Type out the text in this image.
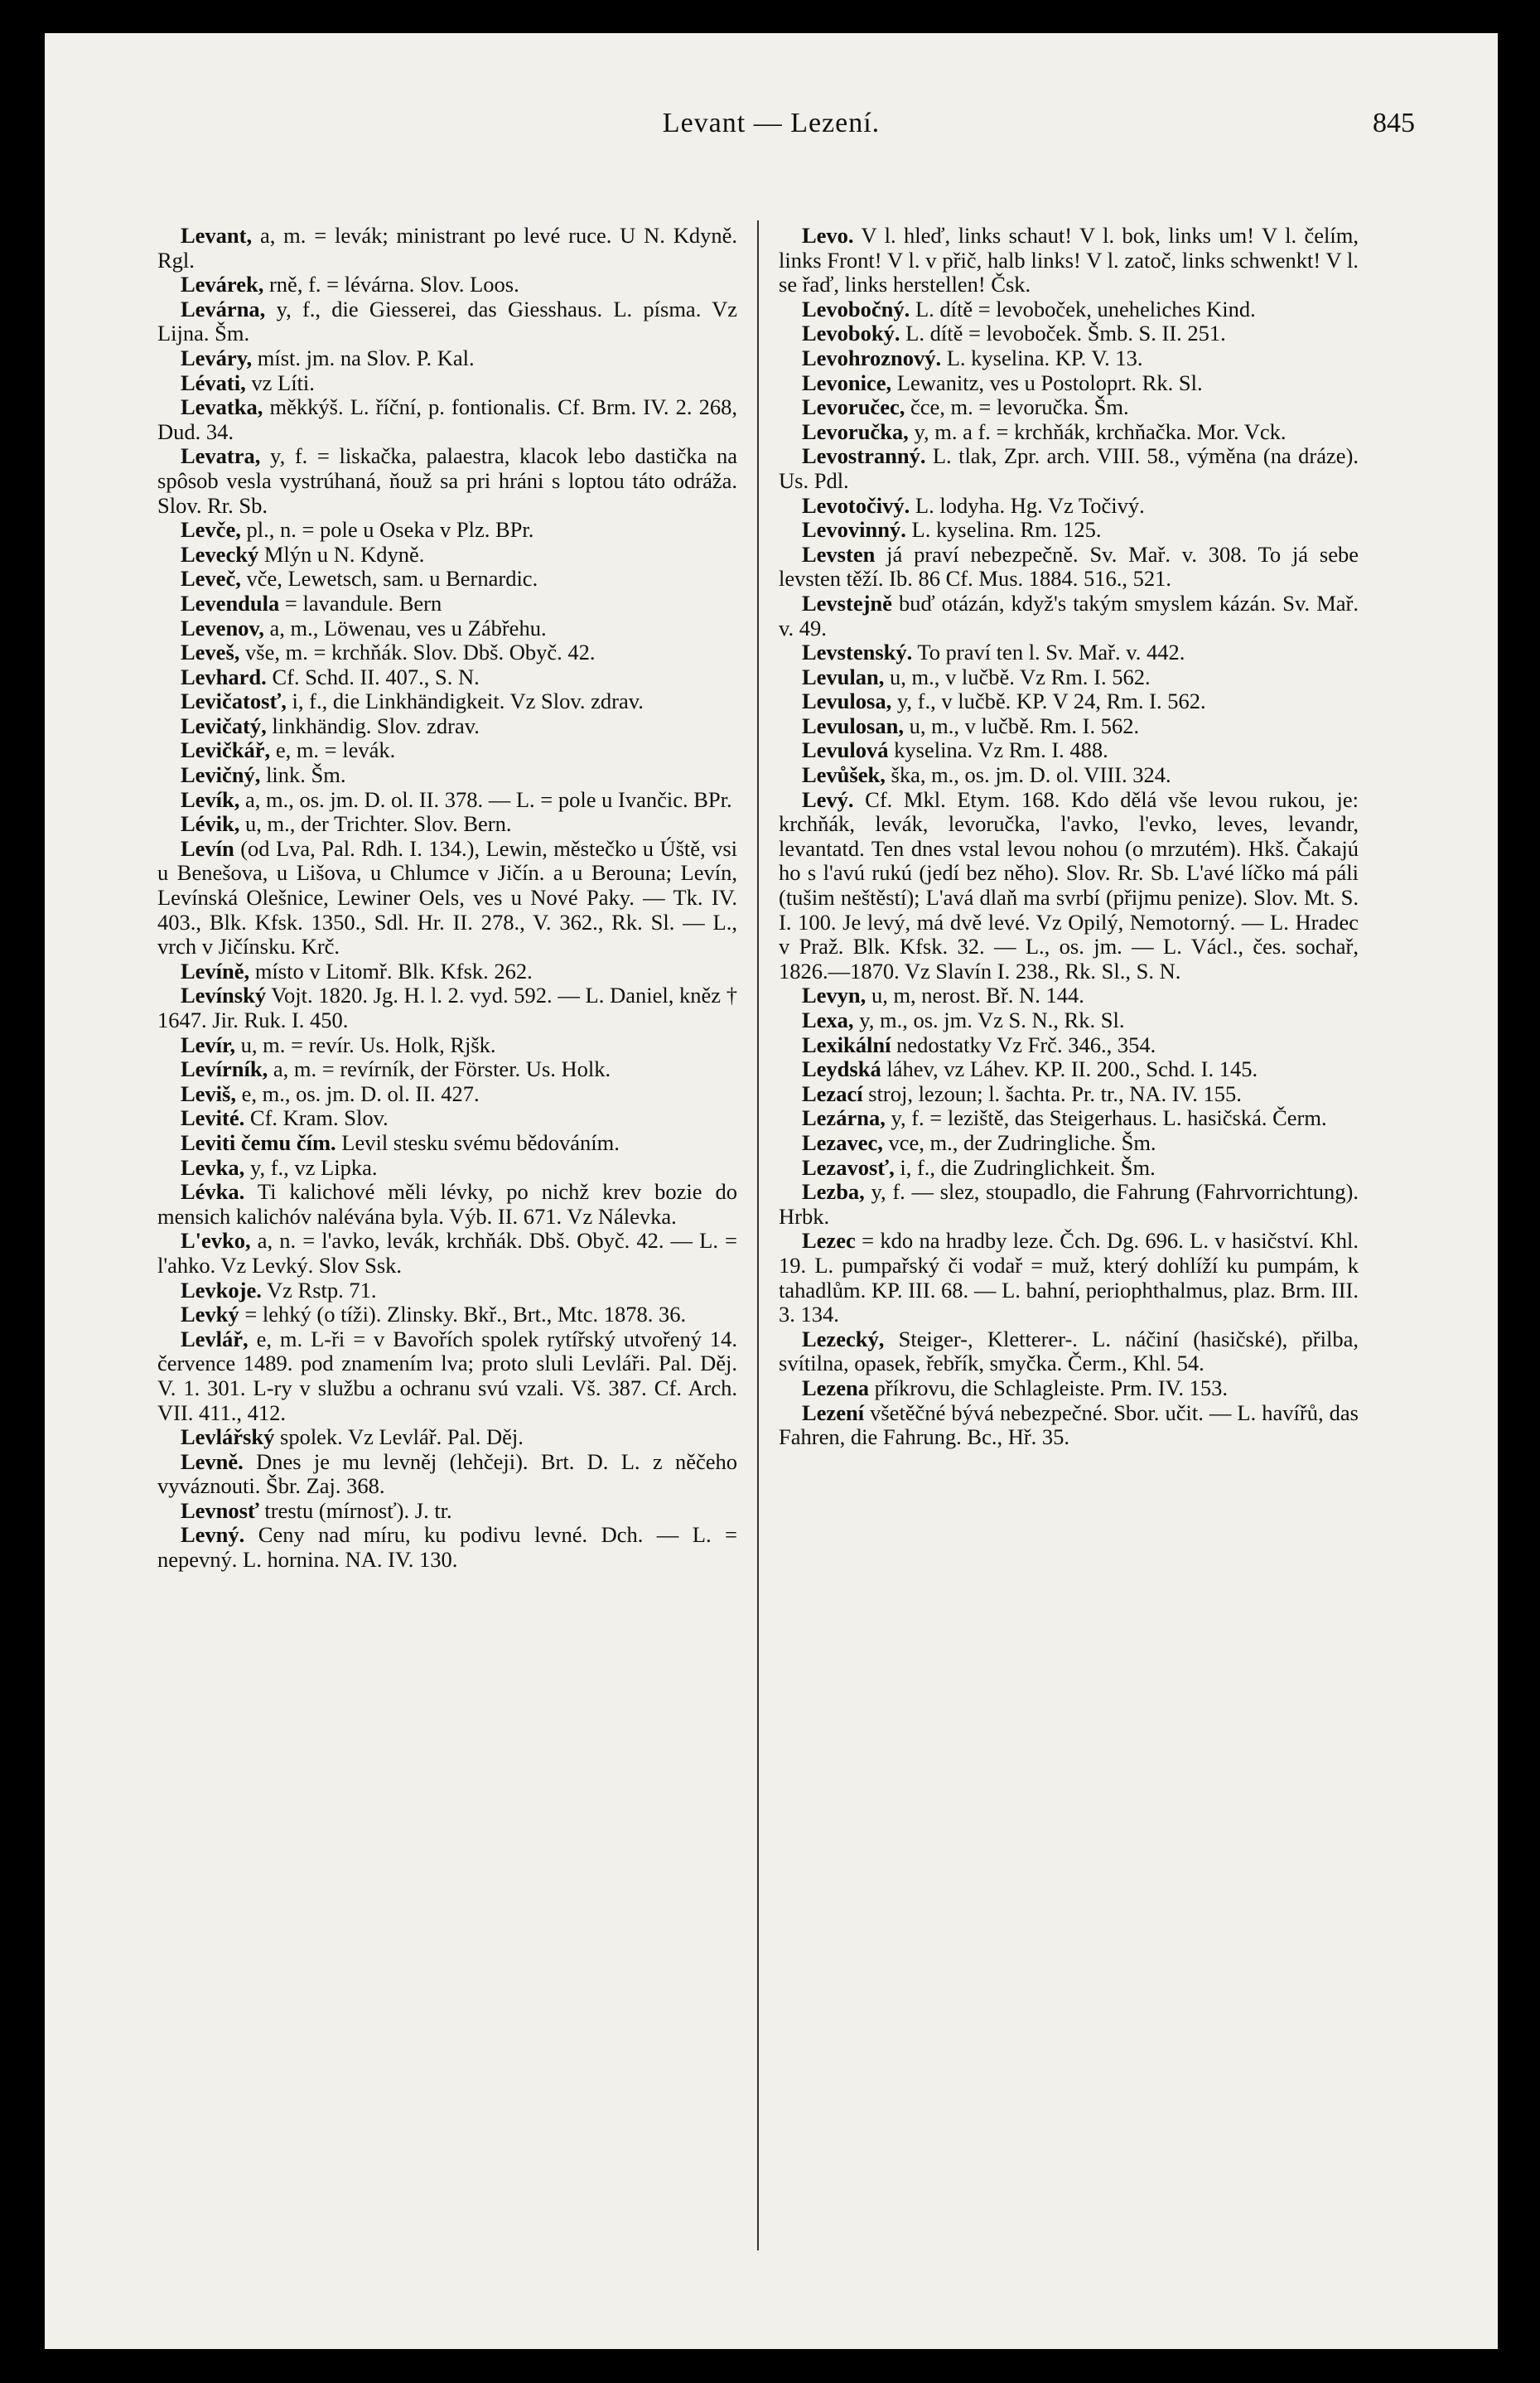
Levant — Lezení.	845

Levant, a, m. = levák; ministrant po levé ruce. U N. Kdyně. Rgl.

Levárek, rně, f. = lévárna. Slov. Loos.

Levárna, y, f., die Giesserei, das Giesshaus. L. písma. Vz Lijna. Šm.

Leváry, míst. jm. na Slov. P. Kal.

Lévati, vz Líti.

Levatka, měkkýš. L. říční, p. fontionalis. Cf. Brm. IV. 2. 268, Dud. 34.

Levatra, y, f. = liskačka, palaestra, klacok lebo dastička na spôsob vesla vystrúhaná, ňouž sa pri hráni s loptou táto odráža. Slov. Rr. Sb.

Levče, pl., n. = pole u Oseka v Plz. BPr.

Levecký Mlýn u N. Kdyně.

Leveč, vče, Lewetsch, sam. u Bernardic.

Levendula = lavandule. Bern

Levenov, a, m., Löwenau, ves u Zábřehu.

Leveš, vše, m. = krchňák. Slov. Dbš. Obyč. 42.

Levhard. Cf. Schd. II. 407., S. N.

Levičatosť, i, f., die Linkhändigkeit. Vz Slov. zdrav.

Levičatý, linkhändig. Slov. zdrav.

Levičkář, e, m. = levák.

Levičný, link. Šm.

Levík, a, m., os. jm. D. ol. II. 378. — L. = pole u Ivančic. BPr.

Lévik, u, m., der Trichter. Slov. Bern.

Levín (od Lva, Pal. Rdh. I. 134.), Lewin, městečko u Úště, vsi u Benešova, u Lišova, u Chlumce v Jičín. a u Berouna; Levín, Levínská Olešnice, Lewiner Oels, ves u Nové Paky. — Tk. IV. 403., Blk. Kfsk. 1350., Sdl. Hr. II. 278., V. 362., Rk. Sl. — L., vrch v Jičínsku. Krč.

Levíně, místo v Litomř. Blk. Kfsk. 262.

Levínský Vojt. 1820. Jg. H. l. 2. vyd. 592. — L. Daniel, kněz † 1647. Jir. Ruk. I. 450.

Levír, u, m. = revír. Us. Holk, Rjšk.

Levírník, a, m. = revírník, der Förster. Us. Holk.

Leviš, e, m., os. jm. D. ol. II. 427.

Levité. Cf. Kram. Slov.

Leviti čemu čím. Levil stesku svému bědováním.

Levka, y, f., vz Lipka.

Lévka. Ti kalichové měli lévky, po nichž krev bozie do mensich kalichóv nalévána byla. Výb. II. 671. Vz Nálevka.

L'evko, a, n. = l'avko, levák, krchňák. Dbš. Obyč. 42. — L. = l'ahko. Vz Levký. Slov Ssk.

Levkoje. Vz Rstp. 71.

Levký = lehký (o tíži). Zlinsky. Bkř., Brt., Mtc. 1878. 36.

Levlář, e, m. L-ři = v Bavořích spolek rytířský utvořený 14. července 1489. pod znamením lva; proto sluli Levláři. Pal. Děj. V. 1. 301. L-ry v službu a ochranu svú vzali. Vš. 387. Cf. Arch. VII. 411., 412.

Levlářský spolek. Vz Levlář. Pal. Děj.

Levně. Dnes je mu levněj (lehčeji). Brt. D. L. z něčeho vyváznouti. Šbr. Zaj. 368.

Levnosť trestu (mírnosť). J. tr.

Levný. Ceny nad míru, ku podivu levné. Dch. — L. = nepevný. L. hornina. NA. IV. 130.

Levo. V l. hleď, links schaut! V l. bok, links um! V l. čelím, links Front! V l. v přič, halb links! V l. zatoč, links schwenkt! V l. se řaď, links herstellen! Čsk.

Levobočný. L. dítě = levoboček, uneheliches Kind.

Levoboký. L. dítě = levoboček. Šmb. S. II. 251.

Levohroznový. L. kyselina. KP. V. 13.

Levonice, Lewanitz, ves u Postoloprt. Rk. Sl.

Levoručec, čce, m. = levoručka. Šm.

Levoručka, y, m. a f. = krchňák, krchňačka. Mor. Vck.

Levostranný. L. tlak, Zpr. arch. VIII. 58., výměna (na dráze). Us. Pdl.

Levotočivý. L. lodyha. Hg. Vz Točivý.

Levovinný. L. kyselina. Rm. 125.

Levsten já praví nebezpečně. Sv. Mař. v. 308. To já sebe levsten těží. Ib. 86 Cf. Mus. 1884. 516., 521.

Levstejně buď otázán, když's takým smyslem kázán. Sv. Mař. v. 49.

Levstenský. To praví ten l. Sv. Mař. v. 442.

Levulan, u, m., v lučbě. Vz Rm. I. 562.

Levulosa, y, f., v lučbě. KP. V 24, Rm. I. 562.

Levulosan, u, m., v lučbě. Rm. I. 562.

Levulová kyselina. Vz Rm. I. 488.

Levůšek, ška, m., os. jm. D. ol. VIII. 324.

Levý. Cf. Mkl. Etym. 168. Kdo dělá vše levou rukou, je: krchňák, levák, levoručka, l'avko, l'evko, leves, levandr, levantatd. Ten dnes vstal levou nohou (o mrzutém). Hkš. Čakajú ho s l'avú rukú (jedí bez něho). Slov. Rr. Sb. L'avé líčko má páli (tušim neštěstí); L'avá dlaň ma svrbí (přijmu penize). Slov. Mt. S. I. 100. Je levý, má dvě levé. Vz Opilý, Nemotorný. — L. Hradec v Praž. Blk. Kfsk. 32. — L., os. jm. — L. Václ., čes. sochař, 1826.—1870. Vz Slavín I. 238., Rk. Sl., S. N.

Levyn, u, m, nerost. Bř. N. 144.

Lexa, y, m., os. jm. Vz S. N., Rk. Sl.

Lexikální nedostatky Vz Frč. 346., 354.

Leydská láhev, vz Láhev. KP. II. 200., Schd. I. 145.

Lezací stroj, lezoun; l. šachta. Pr. tr., NA. IV. 155.

Lezárna, y, f. = leziště, das Steigerhaus. L. hasičská. Čerm.

Lezavec, vce, m., der Zudringliche. Šm.

Lezavosť, i, f., die Zudringlichkeit. Šm.

Lezba, y, f. — slez, stoupadlo, die Fahrung (Fahrvorrichtung). Hrbk.

Lezec = kdo na hradby leze. Čch. Dg. 696. L. v hasičství. Khl. 19. L. pumpařský či vodař = muž, který dohlíží ku pumpám, k tahadlům. KP. III. 68. — L. bahní, periophthalmus, plaz. Brm. III. 3. 134.

Lezecký, Steiger-, Kletterer-. L. náčiní (hasičské), přilba, svítilna, opasek, řebřík, smyčka. Čerm., Khl. 54.

Lezena příkrovu, die Schlagleiste. Prm. IV. 153.

Lezení všetěčné bývá nebezpečné. Sbor. učit. — L. havířů, das Fahren, die Fahrung. Bc., Hř. 35.
